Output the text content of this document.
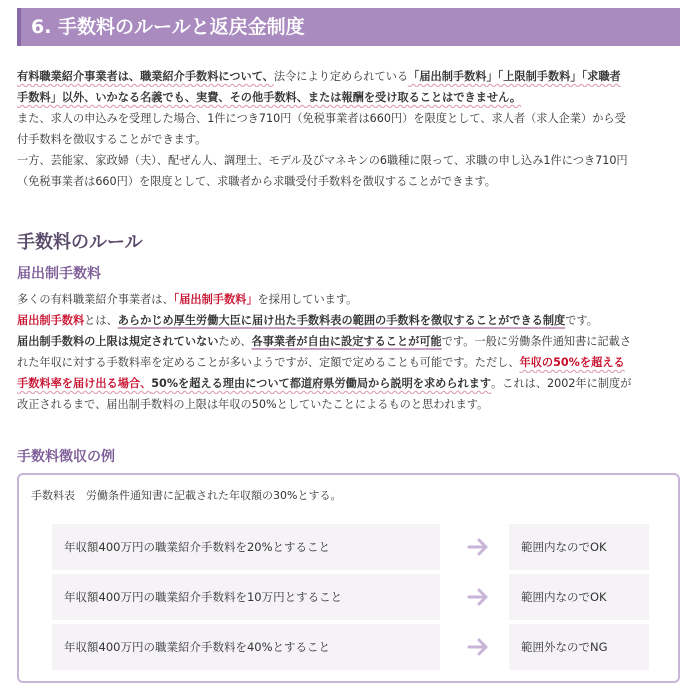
6. 手数料のルールと返戻金制度
有料職業紹介事業者は、職業紹介手数料について、法令により定められている「届出制手数料」「上限制手数料」「求職者
手数料」以外、いかなる名義でも、実費、その他手数料、または報酬を受け取ることはできません。
また、求人の申込みを受理した場合、1件につき710円（免税事業者は660円）を限度として、求人者（求人企業）から受
付手数料を徴収することができます。
一方、芸能家、家政婦（夫）、配ぜん人、調理士、モデル及びマネキンの6職種に限って、求職の申し込み1件につき710円
（免税事業者は660円）を限度として、求職者から求職受付手数料を徴収することができます。
手数料のルール
届出制手数料
多くの有料職業紹介事業者は、「届出制手数料」を採用しています。
届出制手数料とは、あらかじめ厚生労働大臣に届け出た手数料表の範囲の手数料を徴収することができる制度です。
届出制手数料の上限は規定されていないため、各事業者が自由に設定することが可能です。一般に労働条件通知書に記載さ
れた年収に対する手数料率を定めることが多いようですが、定額で定めることも可能です。ただし、年収の50%を超える
手数料率を届け出る場合、50%を超える理由について都道府県労働局から説明を求められます。これは、2002年に制度が
改正されるまで、届出制手数料の上限は年収の50%としていたことによるものと思われます。
手数料徴収の例
手数料表　労働条件通知書に記載された年収額の30%とする。
年収額400万円の職業紹介手数料を20%とすること	範囲内なのでOK
年収額400万円の職業紹介手数料を10万円とすること	範囲内なのでOK
年収額400万円の職業紹介手数料を40%とすること	範囲外なのでNG
